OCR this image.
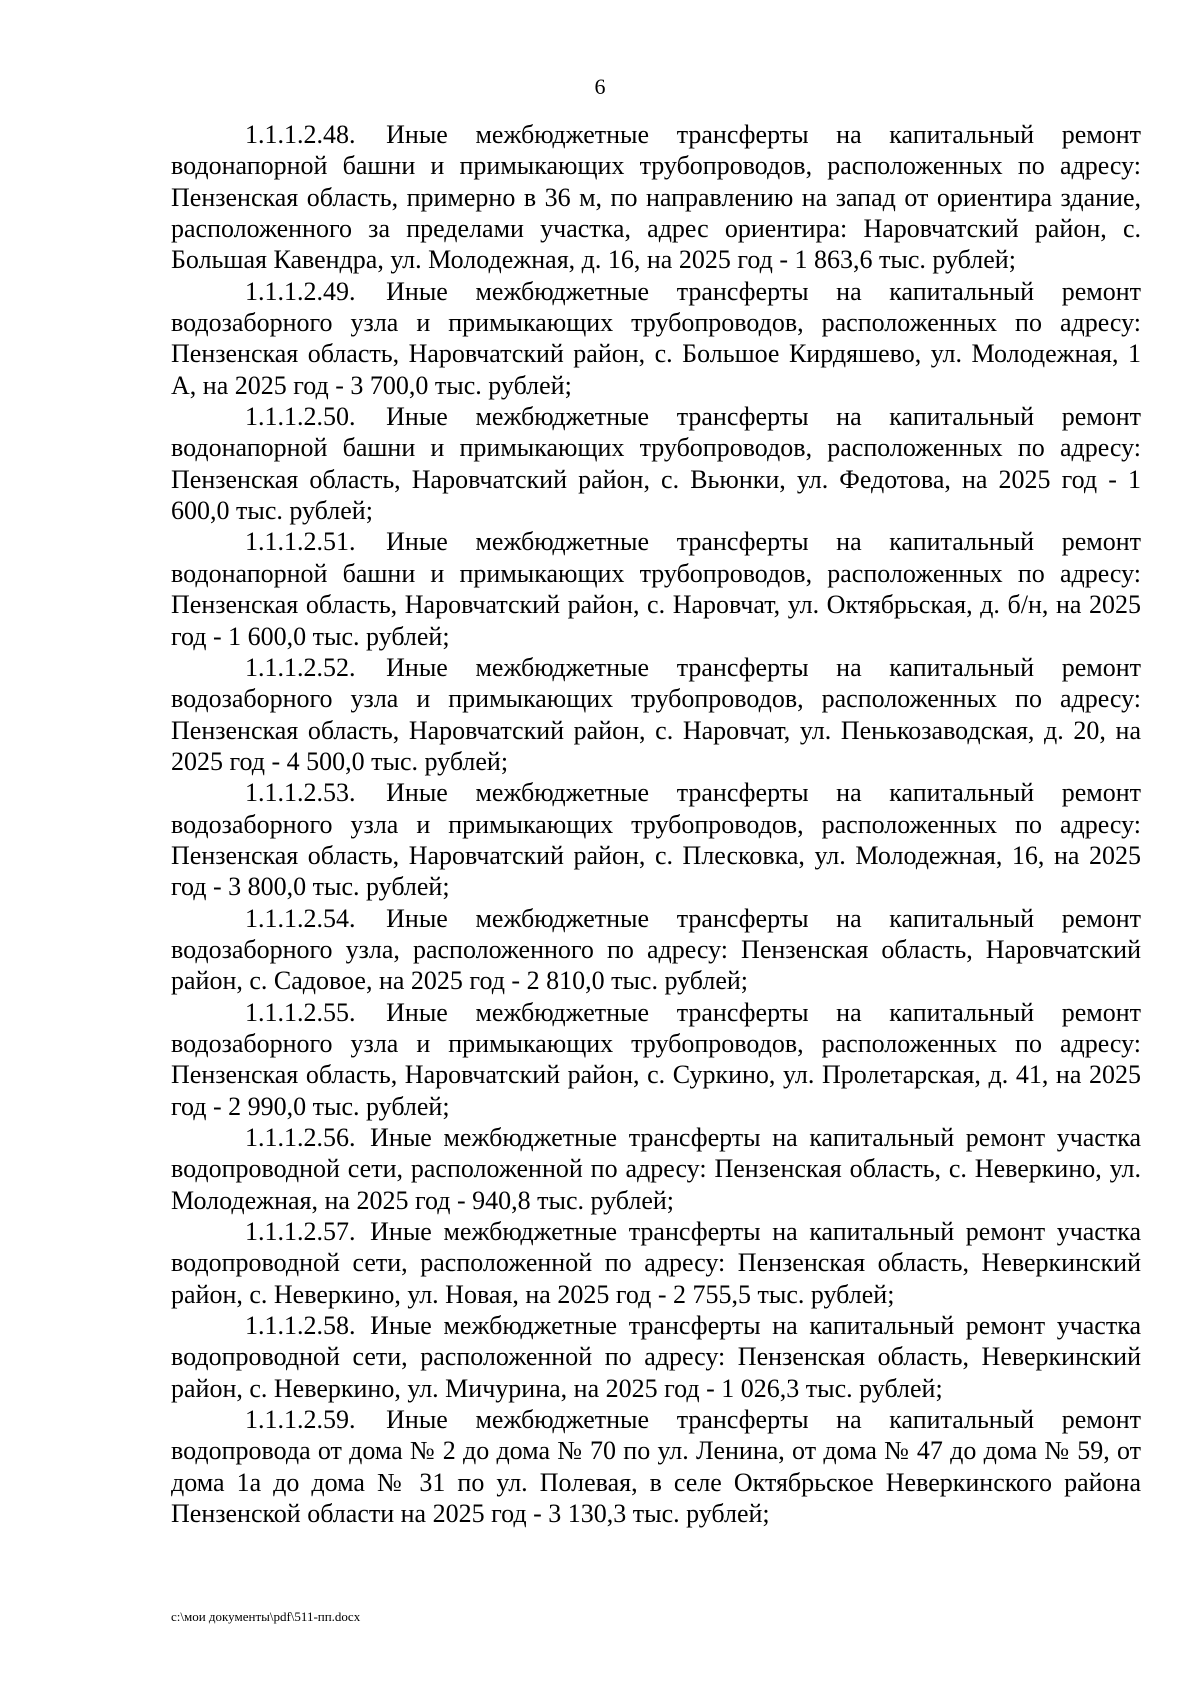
6

1.1.1.2.48. Иные межбюджетные трансферты на капитальный ремонт водонапорной башни и примыкающих трубопроводов, расположенных по адресу: Пензенская область, примерно в 36 м, по направлению на запад от ориентира здание, расположенного за пределами участка, адрес ориентира: Наровчатский район, с. Большая Кавендра, ул. Молодежная, д. 16, на 2025 год - 1 863,6 тыс. рублей;

1.1.1.2.49. Иные межбюджетные трансферты на капитальный ремонт водозаборного узла и примыкающих трубопроводов, расположенных по адресу: Пензенская область, Наровчатский район, с. Большое Кирдяшево, ул. Молодежная, 1 А, на 2025 год - 3 700,0 тыс. рублей;

1.1.1.2.50. Иные межбюджетные трансферты на капитальный ремонт водонапорной башни и примыкающих трубопроводов, расположенных по адресу: Пензенская область, Наровчатский район, с. Вьюнки, ул. Федотова, на 2025 год - 1 600,0 тыс. рублей;

1.1.1.2.51. Иные межбюджетные трансферты на капитальный ремонт водонапорной башни и примыкающих трубопроводов, расположенных по адресу: Пензенская область, Наровчатский район, с. Наровчат, ул. Октябрьская, д. б/н, на 2025 год - 1 600,0 тыс. рублей;

1.1.1.2.52. Иные межбюджетные трансферты на капитальный ремонт водозаборного узла и примыкающих трубопроводов, расположенных по адресу: Пензенская область, Наровчатский район, с. Наровчат, ул. Пенькозаводская, д. 20, на 2025 год - 4 500,0 тыс. рублей;

1.1.1.2.53. Иные межбюджетные трансферты на капитальный ремонт водозаборного узла и примыкающих трубопроводов, расположенных по адресу: Пензенская область, Наровчатский район, с. Плесковка, ул. Молодежная, 16, на 2025 год - 3 800,0 тыс. рублей;

1.1.1.2.54. Иные межбюджетные трансферты на капитальный ремонт водозаборного узла, расположенного по адресу: Пензенская область, Наровчатский район, с. Садовое, на 2025 год - 2 810,0 тыс. рублей;

1.1.1.2.55. Иные межбюджетные трансферты на капитальный ремонт водозаборного узла и примыкающих трубопроводов, расположенных по адресу: Пензенская область, Наровчатский район, с. Суркино, ул. Пролетарская, д. 41, на 2025 год - 2 990,0 тыс. рублей;

1.1.1.2.56. Иные межбюджетные трансферты на капитальный ремонт участка водопроводной сети, расположенной по адресу: Пензенская область, с. Неверкино, ул. Молодежная, на 2025 год - 940,8 тыс. рублей;

1.1.1.2.57. Иные межбюджетные трансферты на капитальный ремонт участка водопроводной сети, расположенной по адресу: Пензенская область, Неверкинский район, с. Неверкино, ул. Новая, на 2025 год - 2 755,5 тыс. рублей;

1.1.1.2.58. Иные межбюджетные трансферты на капитальный ремонт участка водопроводной сети, расположенной по адресу: Пензенская область, Неверкинский район, с. Неверкино, ул. Мичурина, на 2025 год - 1 026,3 тыс. рублей;

1.1.1.2.59. Иные межбюджетные трансферты на капитальный ремонт водопровода от дома № 2 до дома № 70 по ул. Ленина, от дома № 47 до дома № 59, от дома 1а до дома № 31 по ул. Полевая, в селе Октябрьское Неверкинского района Пензенской области на 2025 год - 3 130,3 тыс. рублей;

c:\мои документы\pdf\511-пп.docx
